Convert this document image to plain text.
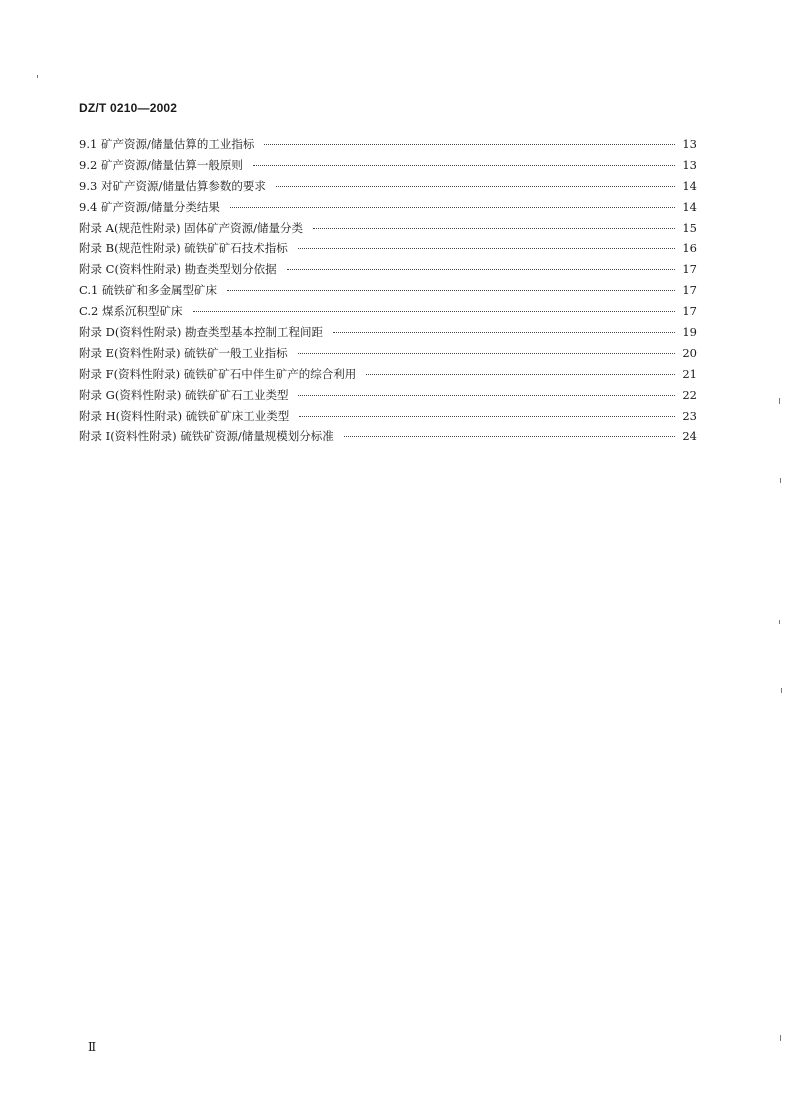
DZ/T 0210—2002
9.1 矿产资源/储量估算的工业指标	13
9.2 矿产资源/储量估算一般原则	13
9.3 对矿产资源/储量估算参数的要求	14
9.4 矿产资源/储量分类结果	14
附录 A(规范性附录) 固体矿产资源/储量分类	15
附录 B(规范性附录) 硫铁矿矿石技术指标	16
附录 C(资料性附录) 勘查类型划分依据	17
C.1 硫铁矿和多金属型矿床	17
C.2 煤系沉积型矿床	17
附录 D(资料性附录) 勘查类型基本控制工程间距	19
附录 E(资料性附录) 硫铁矿一般工业指标	20
附录 F(资料性附录) 硫铁矿矿石中伴生矿产的综合利用	21
附录 G(资料性附录) 硫铁矿矿石工业类型	22
附录 H(资料性附录) 硫铁矿矿床工业类型	23
附录 I(资料性附录) 硫铁矿资源/储量规模划分标准	24
Ⅱ
